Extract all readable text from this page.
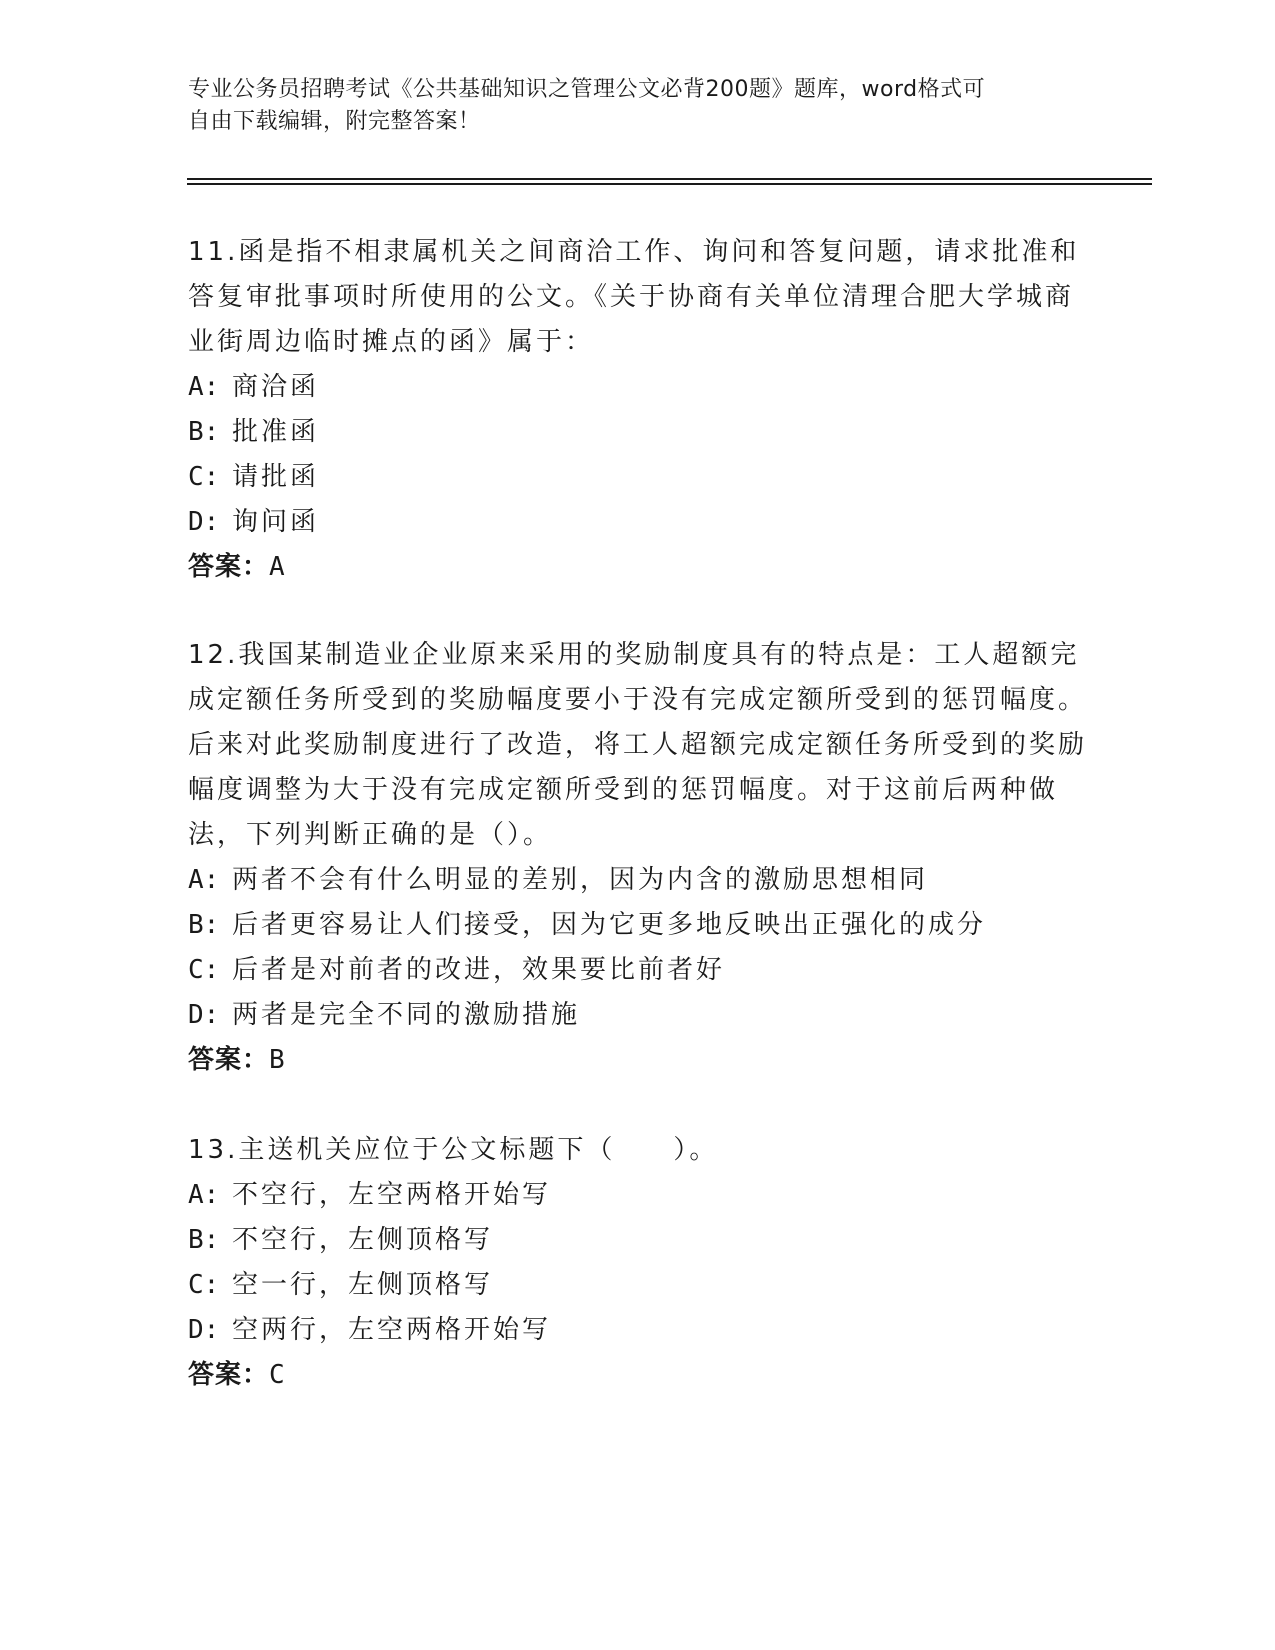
专业公务员招聘考试《公共基础知识之管理公文必背200题》题库，word格式可
自由下载编辑，附完整答案！

11.函是指不相隶属机关之间商洽工作、询问和答复问题，请求批准和答复审批事项时所使用的公文。《关于协商有关单位清理合肥大学城商业街周边临时摊点的函》属于：

A: 商洽函
B: 批准函
C: 请批函
D: 询问函
答案：A

12.我国某制造业企业原来采用的奖励制度具有的特点是：工人超额完成定额任务所受到的奖励幅度要小于没有完成定额所受到的惩罚幅度。后来对此奖励制度进行了改造，将工人超额完成定额任务所受到的奖励幅度调整为大于没有完成定额所受到的惩罚幅度。对于这前后两种做法，下列判断正确的是（）。

A: 两者不会有什么明显的差别，因为内含的激励思想相同
B: 后者更容易让人们接受，因为它更多地反映出正强化的成分
C: 后者是对前者的改进，效果要比前者好
D: 两者是完全不同的激励措施
答案：B

13.主送机关应位于公文标题下（　　）。

A: 不空行，左空两格开始写
B: 不空行，左侧顶格写
C: 空一行，左侧顶格写
D: 空两行，左空两格开始写
答案：C
